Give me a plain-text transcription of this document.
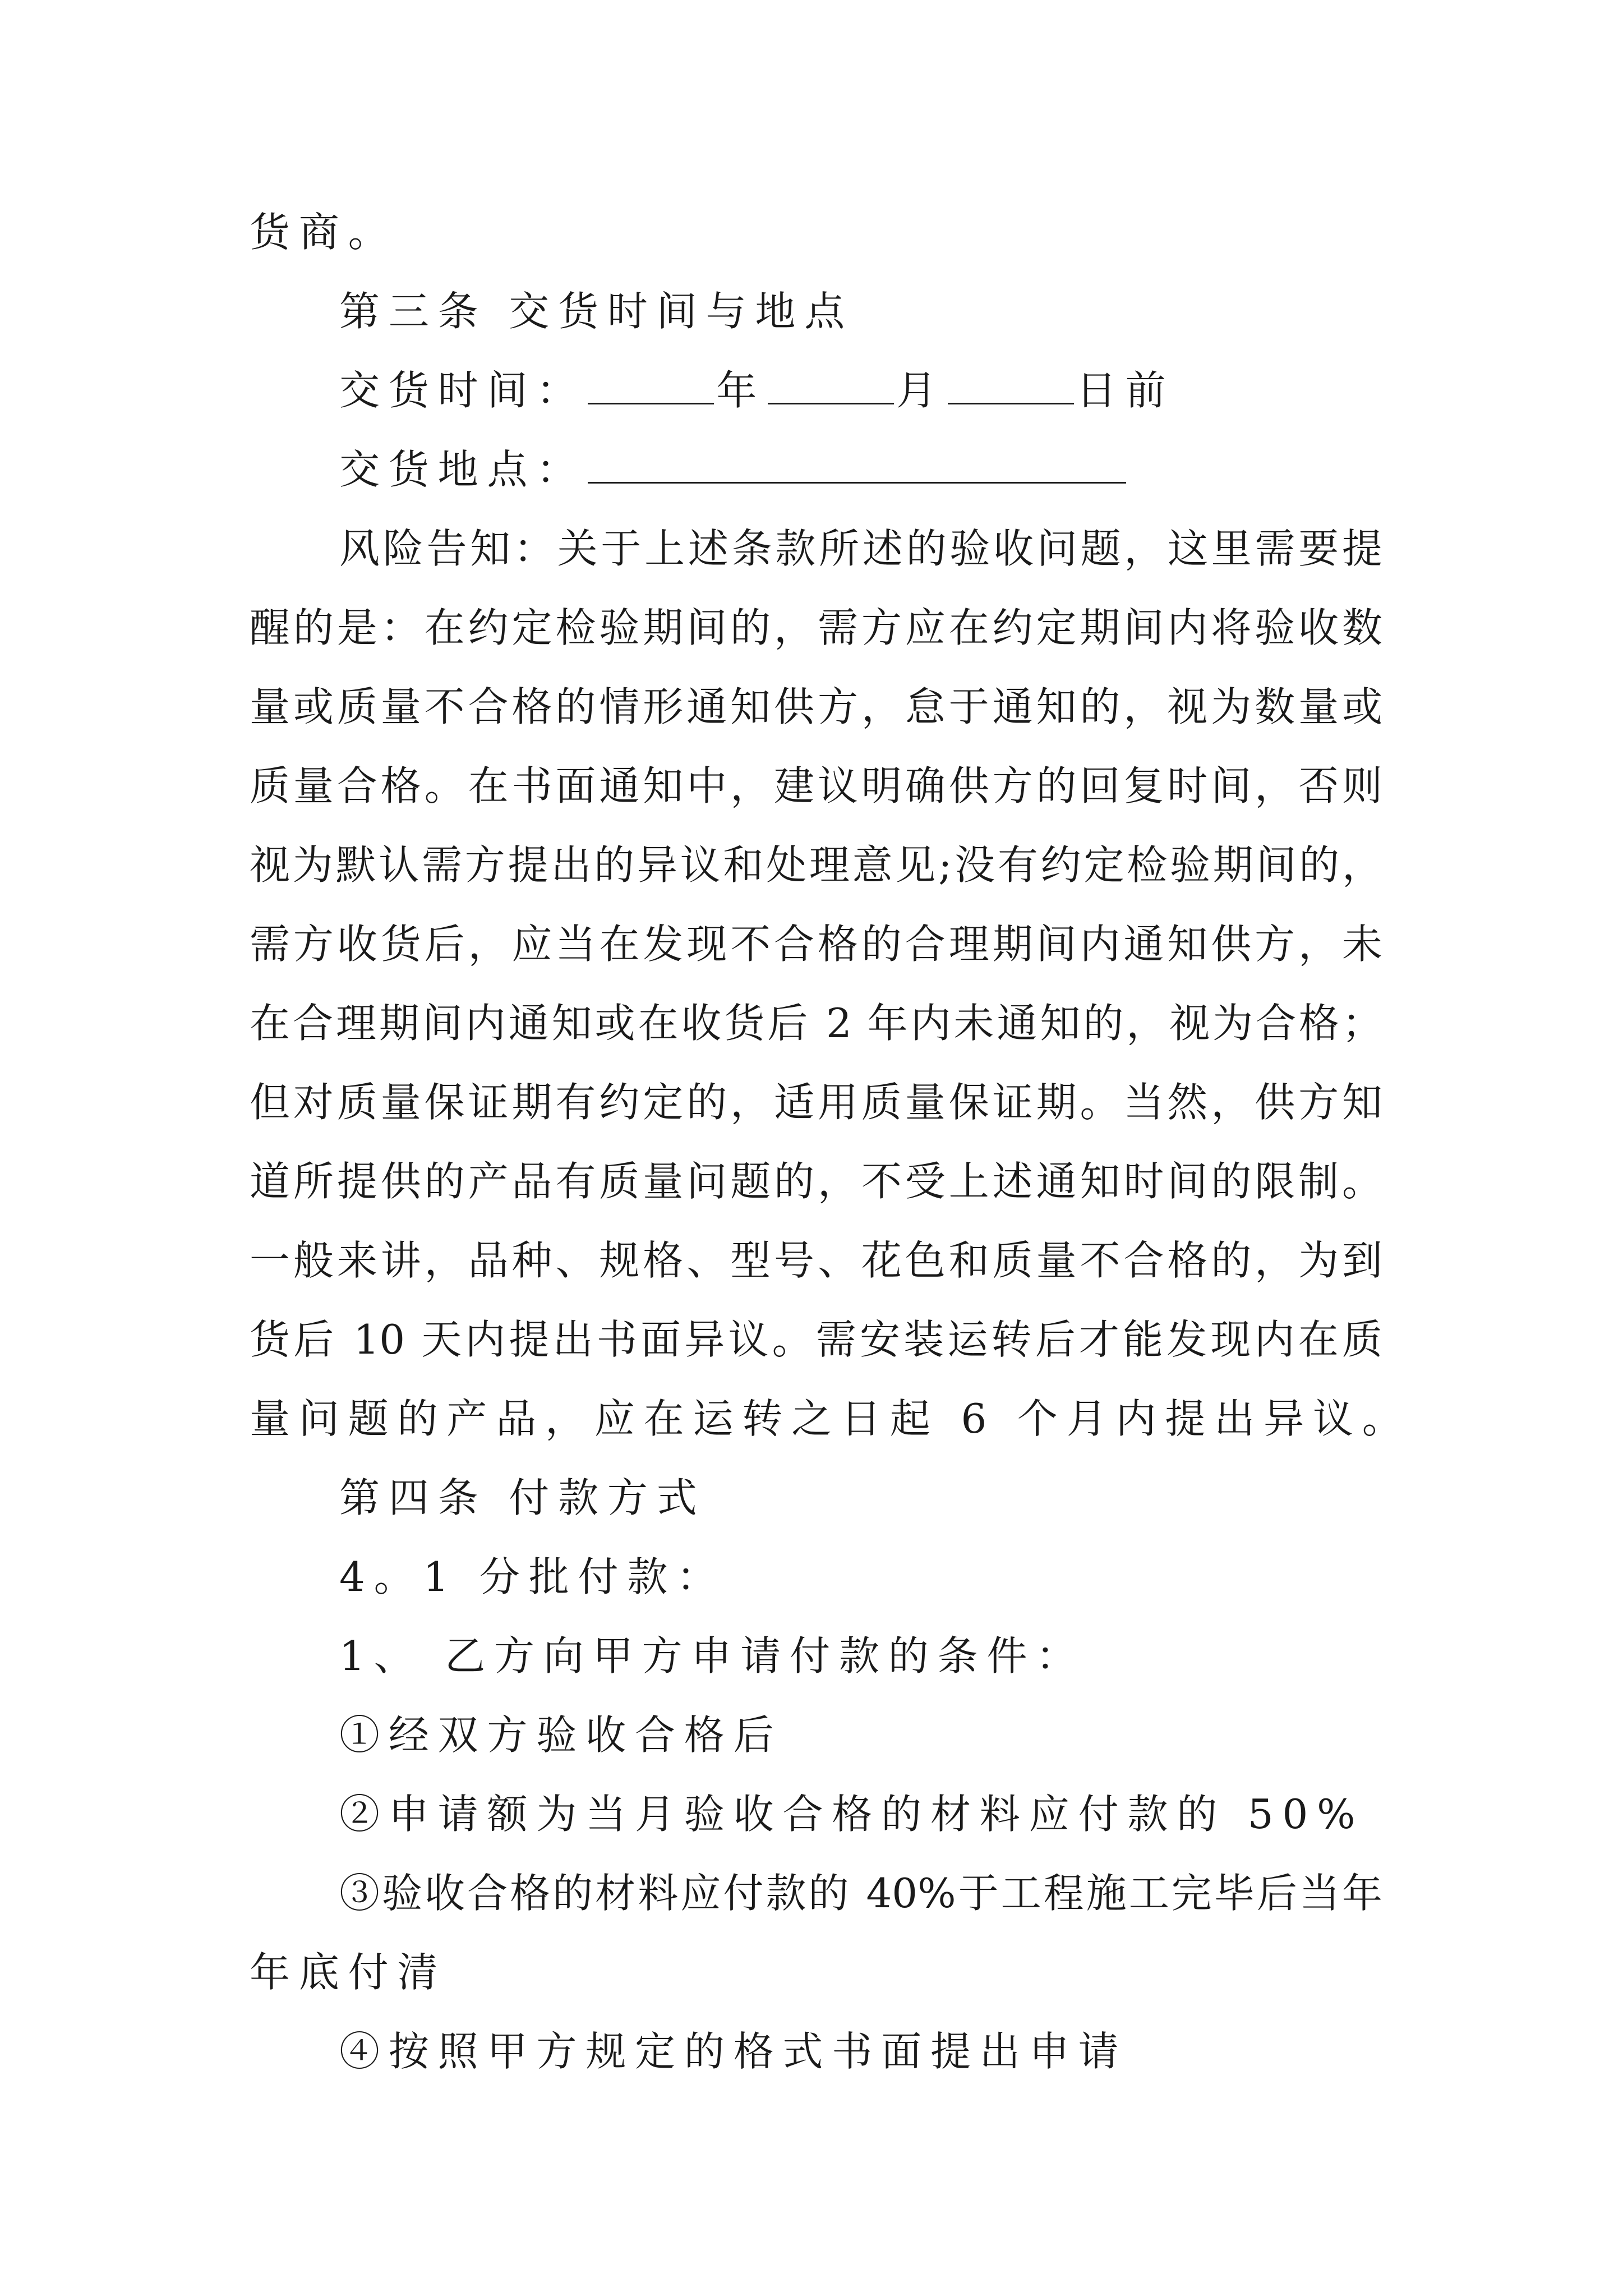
货商。
第三条 交货时间与地点
交货时间：	年	月	日前
交货地点：
风险告知：关于上述条款所述的验收问题，这里需要提
醒的是：在约定检验期间的，需方应在约定期间内将验收数
量或质量不合格的情形通知供方，怠于通知的，视为数量或
质量合格。在书面通知中，建议明确供方的回复时间，否则
视为默认需方提出的异议和处理意见;没有约定检验期间的，
需方收货后，应当在发现不合格的合理期间内通知供方，未
在合理期间内通知或在收货后 2 年内未通知的，视为合格；
但对质量保证期有约定的，适用质量保证期。当然，供方知
道所提供的产品有质量问题的，不受上述通知时间的限制。
一般来讲，品种、规格、型号、花色和质量不合格的，为到
货后 10 天内提出书面异议。需安装运转后才能发现内在质
量问题的产品，应在运转之日起 6 个月内提出异议。
第四条 付款方式
4。1 分批付款：
1、 乙方向甲方申请付款的条件：
①经双方验收合格后
②申请额为当月验收合格的材料应付款的 50%
③验收合格的材料应付款的 40%于工程施工完毕后当年
年底付清
④按照甲方规定的格式书面提出申请
